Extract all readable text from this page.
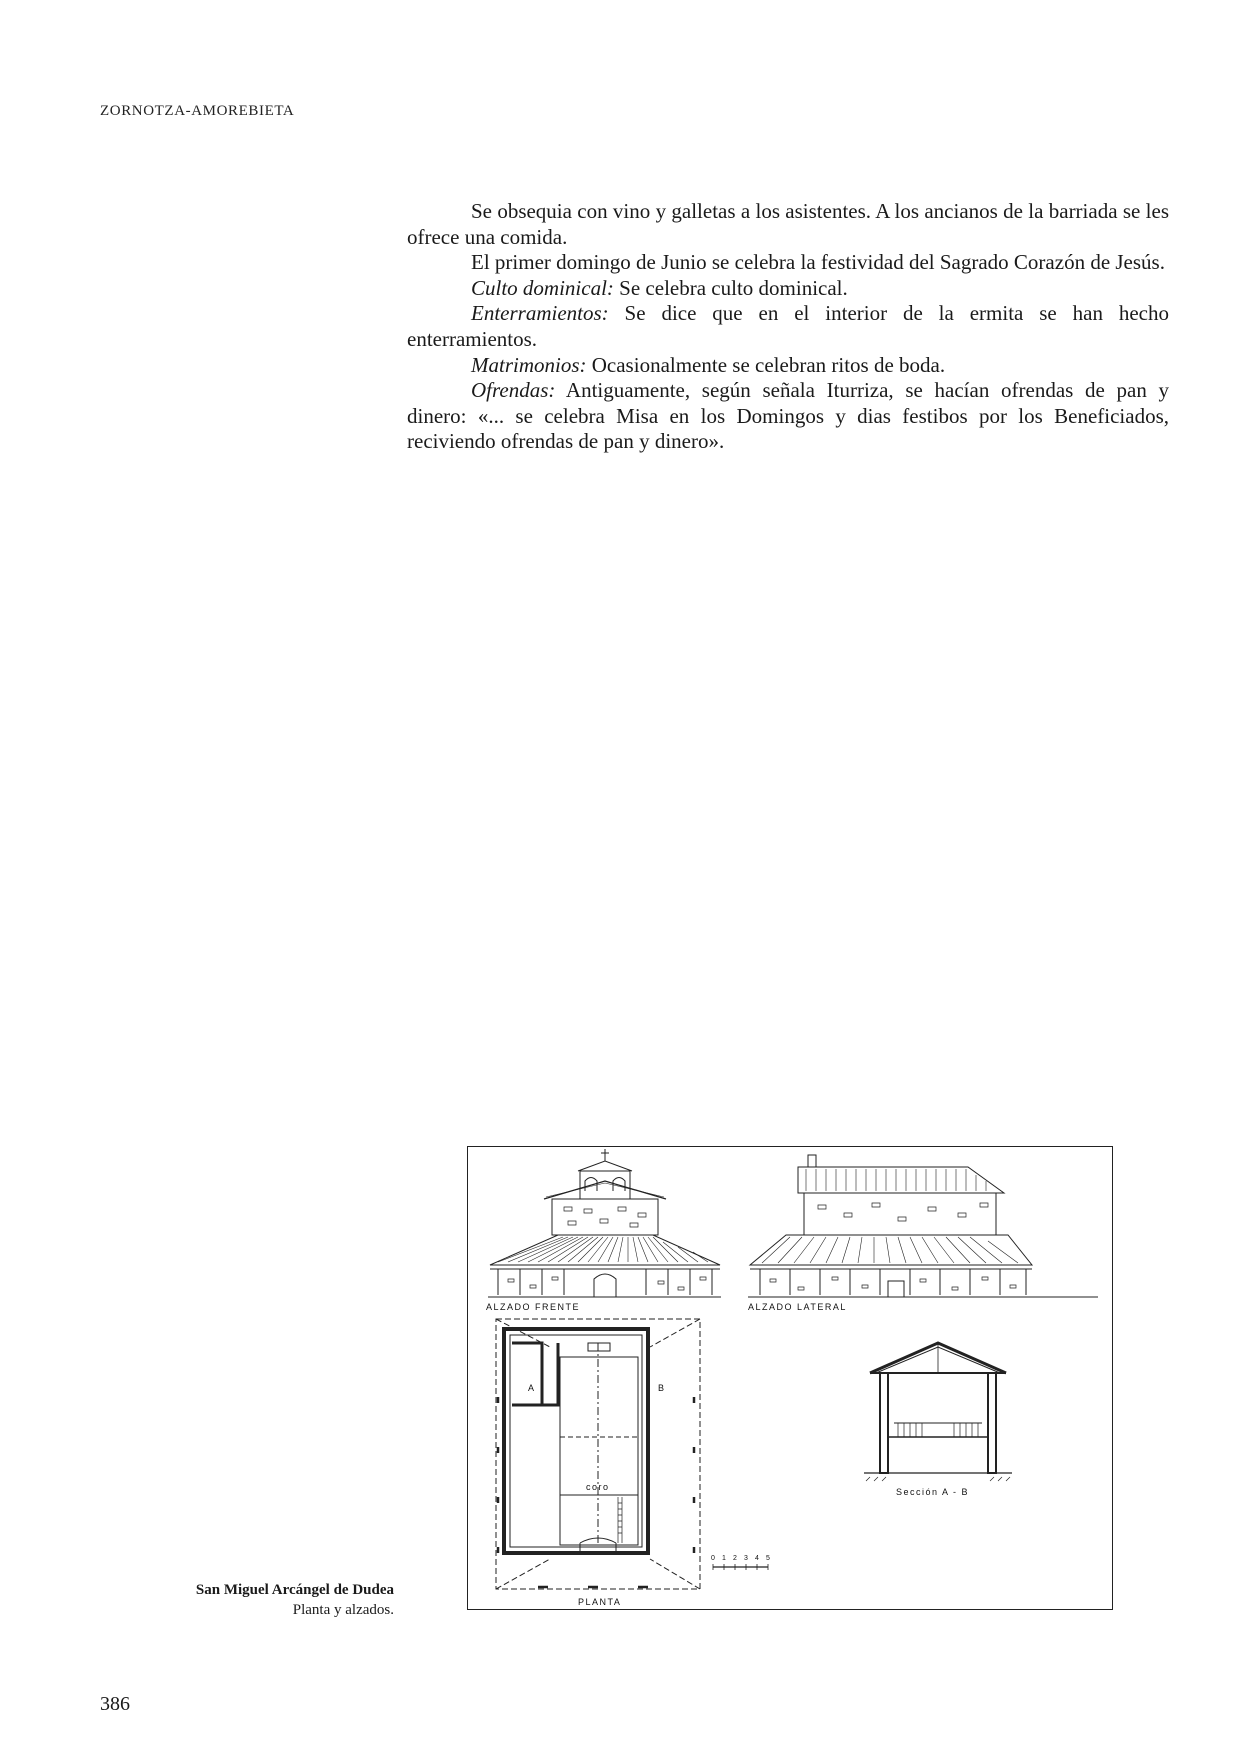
ZORNOTZA-AMOREBIETA

Se obsequia con vino y galletas a los asistentes. A los ancianos de la barriada se les ofrece una comida.

El primer domingo de Junio se celebra la festividad del Sagrado Corazón de Jesús.

Culto dominical: Se celebra culto dominical.

Enterramientos: Se dice que en el interior de la ermita se han hecho enterramientos.

Matrimonios: Ocasionalmente se celebran ritos de boda.

Ofrendas: Antiguamente, según señala Iturriza, se hacían ofrendas de pan y dinero: «... se celebra Misa en los Domingos y dias festibos por los Beneficiados, reciviendo ofrendas de pan y dinero».

ALZADO FRENTE	ALZADO LATERAL
A	B
coro
PLANTA
0 1 2 3 4 5
Sección A - B
San Miguel Arcángel de Dudea
Planta y alzados.
386
